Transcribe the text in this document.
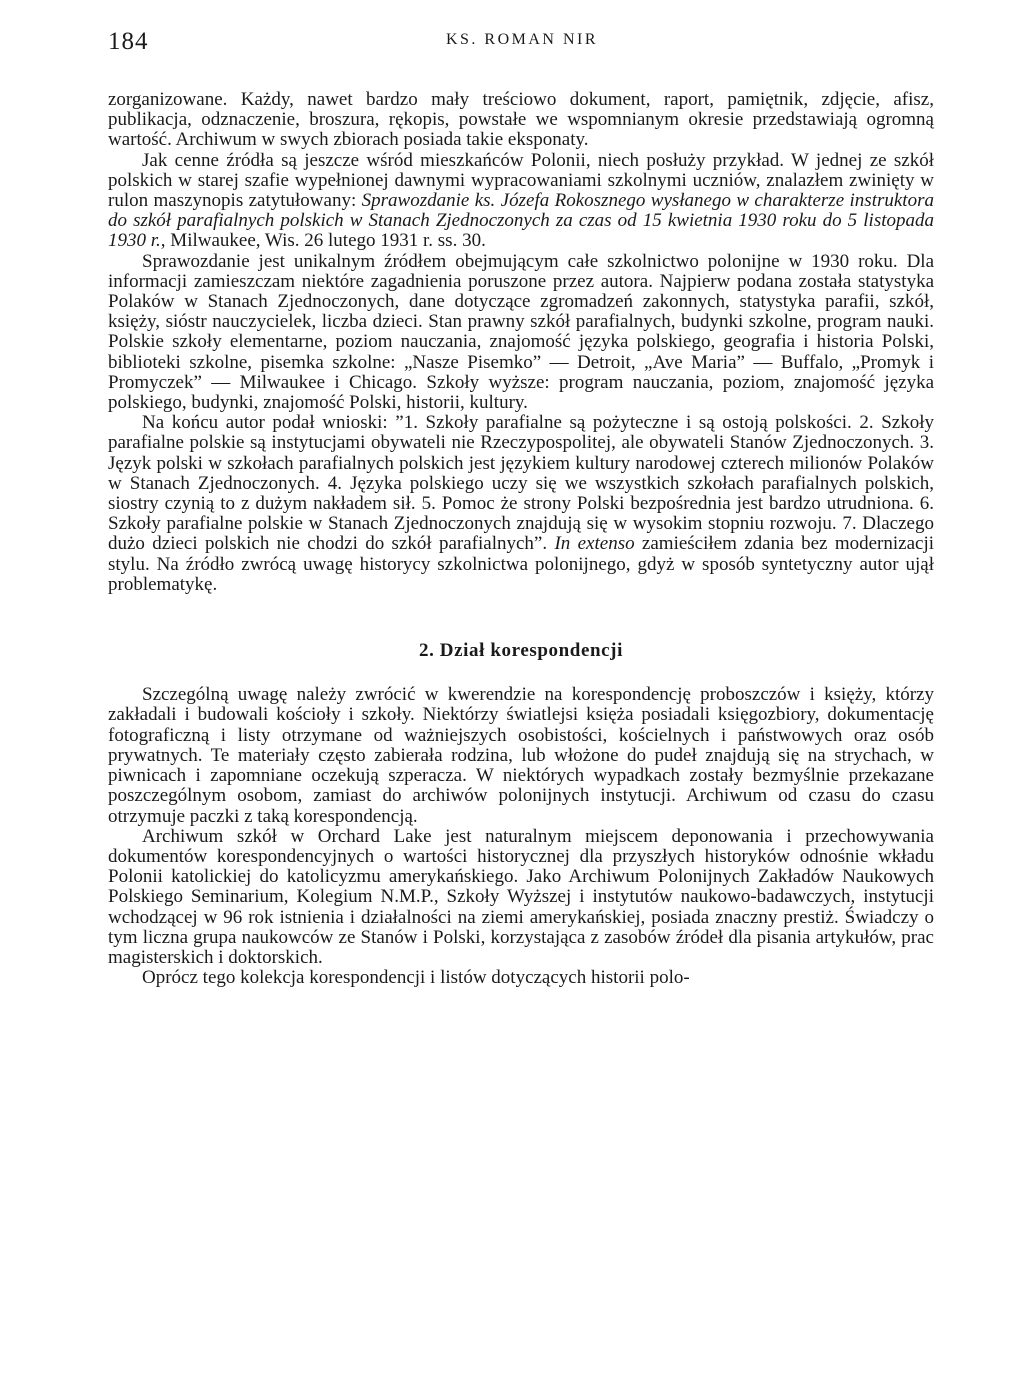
184	KS. ROMAN NIR

zorganizowane. Każdy, nawet bardzo mały treściowo dokument, raport, pamiętnik, zdjęcie, afisz, publikacja, odznaczenie, broszura, rękopis, powstałe we wspomnianym okresie przedstawiają ogromną wartość. Archiwum w swych zbiorach posiada takie eksponaty.

Jak cenne źródła są jeszcze wśród mieszkańców Polonii, niech posłuży przykład. W jednej ze szkół polskich w starej szafie wypełnionej dawnymi wypracowaniami szkolnymi uczniów, znalazłem zwinięty w rulon maszynopis zatytułowany: Sprawozdanie ks. Józefa Rokosznego wysłanego w charakterze instruktora do szkół parafialnych polskich w Stanach Zjednoczonych za czas od 15 kwietnia 1930 roku do 5 listopada 1930 r., Milwaukee, Wis. 26 lutego 1931 r. ss. 30.

Sprawozdanie jest unikalnym źródłem obejmującym całe szkolnictwo polonijne w 1930 roku. Dla informacji zamieszczam niektóre zagadnienia poruszone przez autora. Najpierw podana została statystyka Polaków w Stanach Zjednoczonych, dane dotyczące zgromadzeń zakonnych, statystyka parafii, szkół, księży, sióstr nauczycielek, liczba dzieci. Stan prawny szkół parafialnych, budynki szkolne, program nauki. Polskie szkoły elementarne, poziom nauczania, znajomość języka polskiego, geografia i historia Polski, biblioteki szkolne, pisemka szkolne: „Nasze Pisemko” — Detroit, „Ave Maria” — Buffalo, „Promyk i Promyczek” — Milwaukee i Chicago. Szkoły wyższe: program nauczania, poziom, znajomość języka polskiego, budynki, znajomość Polski, historii, kultury.

Na końcu autor podał wnioski: ”1. Szkoły parafialne są pożyteczne i są ostoją polskości. 2. Szkoły parafialne polskie są instytucjami obywateli nie Rzeczypospolitej, ale obywateli Stanów Zjednoczonych. 3. Język polski w szkołach parafialnych polskich jest językiem kultury narodowej czterech milionów Polaków w Stanach Zjednoczonych. 4. Języka polskiego uczy się we wszystkich szkołach parafialnych polskich, siostry czynią to z dużym nakładem sił. 5. Pomoc że strony Polski bezpośrednia jest bardzo utrudniona. 6. Szkoły parafialne polskie w Stanach Zjednoczonych znajdują się w wysokim stopniu rozwoju. 7. Dlaczego dużo dzieci polskich nie chodzi do szkół parafialnych”. In extenso zamieściłem zdania bez modernizacji stylu. Na źródło zwrócą uwagę historycy szkolnictwa polonijnego, gdyż w sposób syntetyczny autor ujął problematykę.

2. Dział korespondencji

Szczególną uwagę należy zwrócić w kwerendzie na korespondencję proboszczów i księży, którzy zakładali i budowali kościoły i szkoły. Niektórzy światlejsi księża posiadali księgozbiory, dokumentację fotograficzną i listy otrzymane od ważniejszych osobistości, kościelnych i państwowych oraz osób prywatnych. Te materiały często zabierała rodzina, lub włożone do pudeł znajdują się na strychach, w piwnicach i zapomniane oczekują szperacza. W niektórych wypadkach zostały bezmyślnie przekazane poszczególnym osobom, zamiast do archiwów polonijnych instytucji. Archiwum od czasu do czasu otrzymuje paczki z taką korespondencją.

Archiwum szkół w Orchard Lake jest naturalnym miejscem deponowania i przechowywania dokumentów korespondencyjnych o wartości historycznej dla przyszłych historyków odnośnie wkładu Polonii katolickiej do katolicyzmu amerykańskiego. Jako Archiwum Polonijnych Zakładów Naukowych Polskiego Seminarium, Kolegium N.M.P., Szkoły Wyższej i instytutów naukowo-badawczych, instytucji wchodzącej w 96 rok istnienia i działalności na ziemi amerykańskiej, posiada znaczny prestiż. Świadczy o tym liczna grupa naukowców ze Stanów i Polski, korzystająca z zasobów źródeł dla pisania artykułów, prac magisterskich i doktorskich.

Oprócz tego kolekcja korespondencji i listów dotyczących historii polo-
